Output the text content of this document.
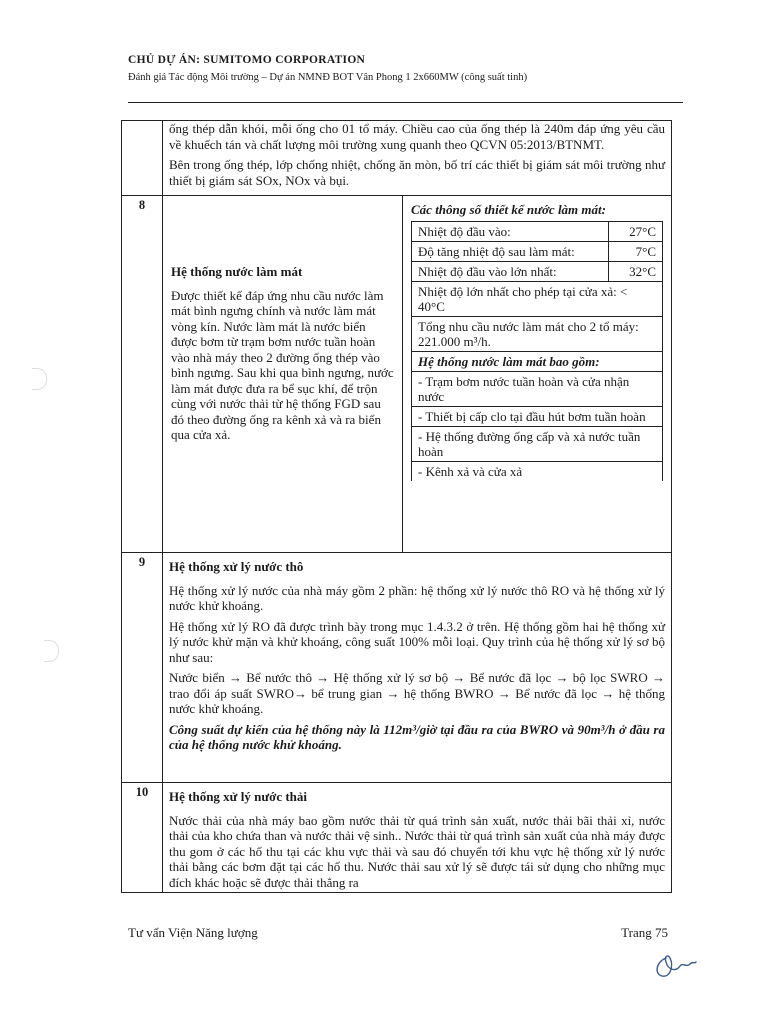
CHỦ DỰ ÁN: SUMITOMO CORPORATION
Đánh giá Tác động Môi trường – Dự án NMNĐ BOT Vân Phong 1 2x660MW (công suất tinh)

ống thép dẫn khói, mỗi ống cho 01 tổ máy. Chiều cao của ống thép là 240m đáp ứng yêu cầu về khuếch tán và chất lượng môi trường xung quanh theo QCVN 05:2013/BTNMT.

Bên trong ống thép, lớp chống nhiệt, chống ăn mòn, bố trí các thiết bị giám sát môi trường như thiết bị giám sát SOx, NOx và bụi.

8	

Hệ thống nước làm mát

Được thiết kế đáp ứng nhu cầu nước làm mát bình ngưng chính và nước làm mát vòng kín. Nước làm mát là nước biển được bơm từ trạm bơm nước tuần hoàn vào nhà máy theo 2 đường ống thép vào bình ngưng. Sau khi qua bình ngưng, nước làm mát được đưa ra bể sục khí, để trộn cùng với nước thải từ hệ thống FGD sau đó theo đường ống ra kênh xả và ra biển qua cửa xả.

Các thông số thiết kế nước làm mát:
Nhiệt độ đầu vào:	27°C
Độ tăng nhiệt độ sau làm mát:	7°C
Nhiệt độ đầu vào lớn nhất:	32°C
Nhiệt độ lớn nhất cho phép tại cửa xả: < 40°C
Tổng nhu cầu nước làm mát cho 2 tổ máy: 221.000 m³/h.
Hệ thống nước làm mát bao gồm:
- Trạm bơm nước tuần hoàn và cửa nhận nước
- Thiết bị cấp clo tại đầu hút bơm tuần hoàn
- Hệ thống đường ống cấp và xả nước tuần hoàn
- Kênh xả và cửa xả

9	Hệ thống xử lý nước thô

Hệ thống xử lý nước của nhà máy gồm 2 phần: hệ thống xử lý nước thô RO và hệ thống xử lý nước khử khoáng.

Hệ thống xử lý RO đã được trình bày trong mục 1.4.3.2 ở trên. Hệ thống gồm hai hệ thống xử lý nước khử mặn và khử khoáng, công suất 100% mỗi loại. Quy trình của hệ thống xử lý sơ bộ như sau:

Nước biển → Bể nước thô → Hệ thống xử lý sơ bộ → Bể nước đã lọc → bộ lọc SWRO → trao đổi áp suất SWRO→ bể trung gian → hệ thống BWRO → Bể nước đã lọc → hệ thống nước khử khoáng.

Công suất dự kiến của hệ thống này là 112m³/giờ tại đầu ra của BWRO và 90m³/h ở đầu ra của hệ thống nước khử khoáng.

10	Hệ thống xử lý nước thải

Nước thải của nhà máy bao gồm nước thải từ quá trình sản xuất, nước thải bãi thải xỉ, nước thải của kho chứa than và nước thải vệ sinh.. Nước thải từ quá trình sản xuất của nhà máy được thu gom ở các hố thu tại các khu vực thải và sau đó chuyển tới khu vực hệ thống xử lý nước thải bằng các bơm đặt tại các hố thu. Nước thải sau xử lý sẽ được tái sử dụng cho những mục đích khác hoặc sẽ được thải thẳng ra

Tư vấn Viện Năng lượng	Trang 75
